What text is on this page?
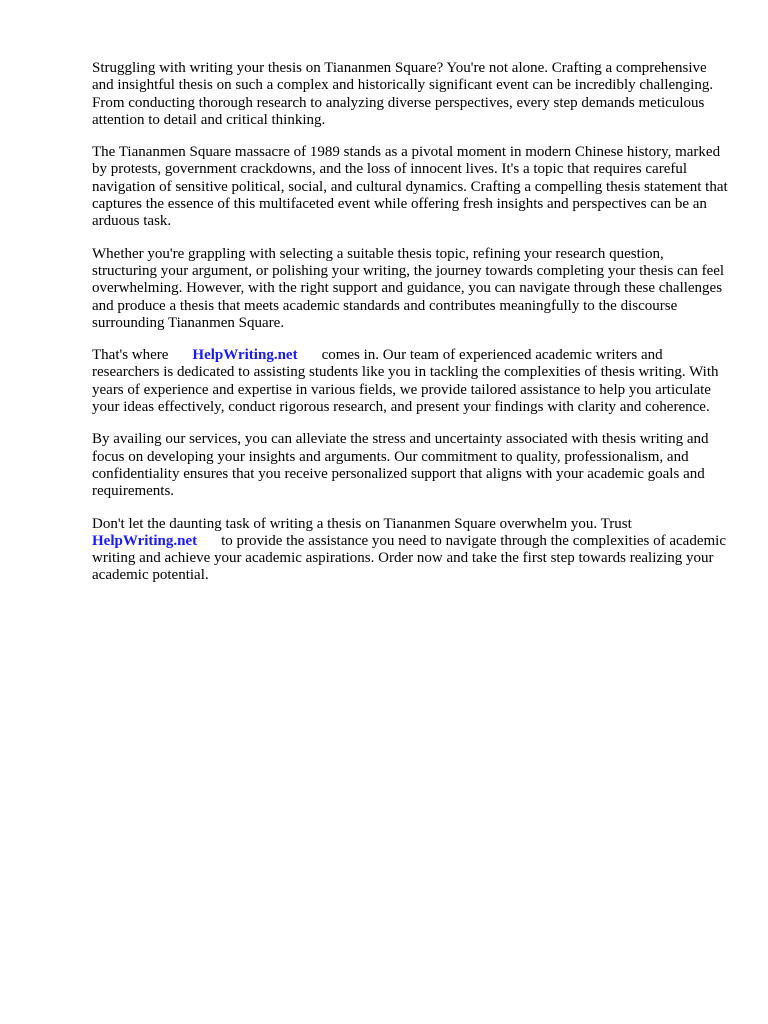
Struggling with writing your thesis on Tiananmen Square? You're not alone. Crafting a comprehensive and insightful thesis on such a complex and historically significant event can be incredibly challenging. From conducting thorough research to analyzing diverse perspectives, every step demands meticulous attention to detail and critical thinking.

The Tiananmen Square massacre of 1989 stands as a pivotal moment in modern Chinese history, marked by protests, government crackdowns, and the loss of innocent lives. It's a topic that requires careful navigation of sensitive political, social, and cultural dynamics. Crafting a compelling thesis statement that captures the essence of this multifaceted event while offering fresh insights and perspectives can be an arduous task.

Whether you're grappling with selecting a suitable thesis topic, refining your research question, structuring your argument, or polishing your writing, the journey towards completing your thesis can feel overwhelming. However, with the right support and guidance, you can navigate through these challenges and produce a thesis that meets academic standards and contributes meaningfully to the discourse surrounding Tiananmen Square.

That's where HelpWriting.net comes in. Our team of experienced academic writers and researchers is dedicated to assisting students like you in tackling the complexities of thesis writing. With years of experience and expertise in various fields, we provide tailored assistance to help you articulate your ideas effectively, conduct rigorous research, and present your findings with clarity and coherence.

By availing our services, you can alleviate the stress and uncertainty associated with thesis writing and focus on developing your insights and arguments. Our commitment to quality, professionalism, and confidentiality ensures that you receive personalized support that aligns with your academic goals and requirements.

Don't let the daunting task of writing a thesis on Tiananmen Square overwhelm you. Trust HelpWriting.net to provide the assistance you need to navigate through the complexities of academic writing and achieve your academic aspirations. Order now and take the first step towards realizing your academic potential.
